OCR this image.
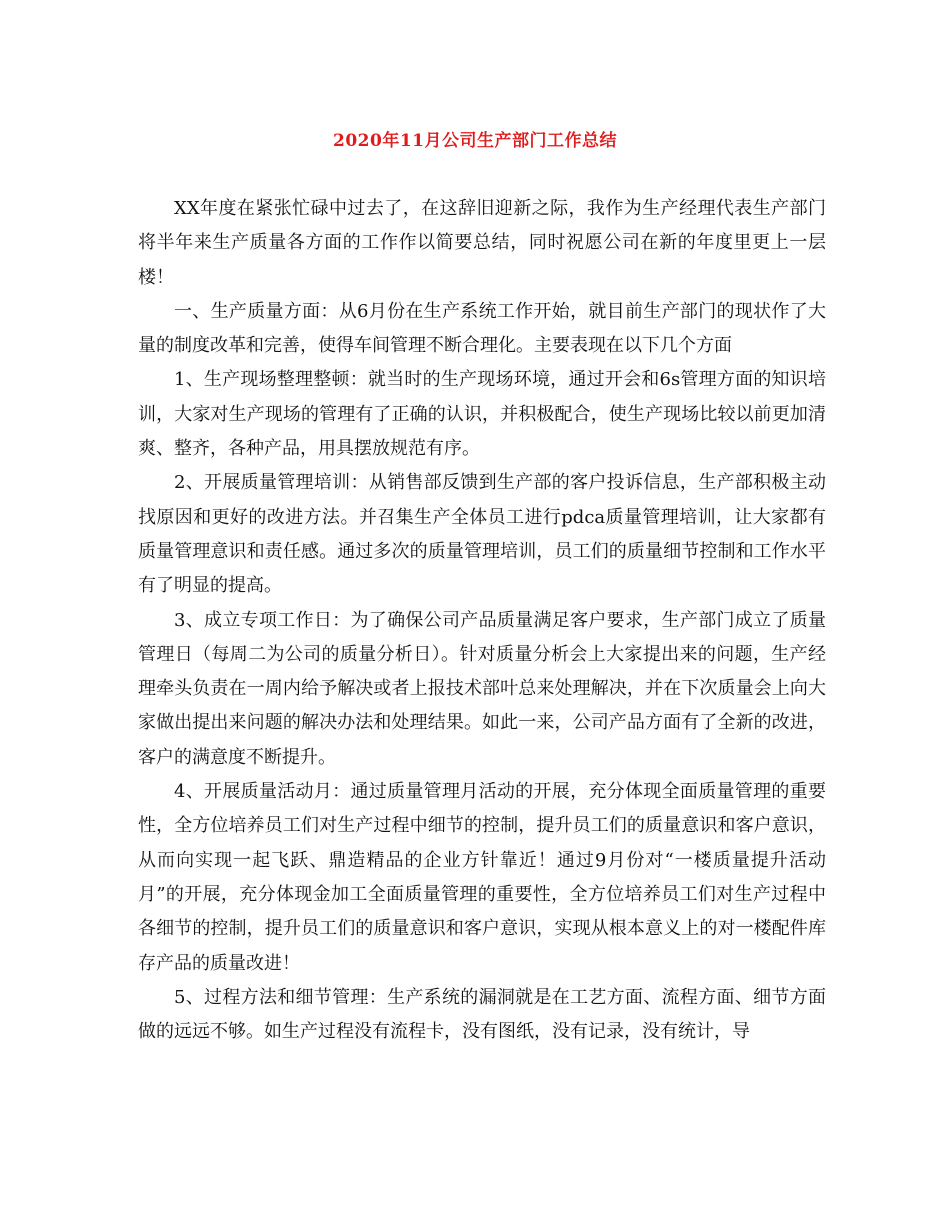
2020年11月公司生产部门工作总结

XX年度在紧张忙碌中过去了，在这辞旧迎新之际，我作为生产经理代表生产部门将半年来生产质量各方面的工作作以简要总结，同时祝愿公司在新的年度里更上一层楼！

一、生产质量方面：从6月份在生产系统工作开始，就目前生产部门的现状作了大量的制度改革和完善，使得车间管理不断合理化。主要表现在以下几个方面

1、生产现场整理整顿：就当时的生产现场环境，通过开会和6s管理方面的知识培训，大家对生产现场的管理有了正确的认识，并积极配合，使生产现场比较以前更加清爽、整齐，各种产品，用具摆放规范有序。

2、开展质量管理培训：从销售部反馈到生产部的客户投诉信息，生产部积极主动找原因和更好的改进方法。并召集生产全体员工进行pdca质量管理培训，让大家都有质量管理意识和责任感。通过多次的质量管理培训，员工们的质量细节控制和工作水平有了明显的提高。

3、成立专项工作日：为了确保公司产品质量满足客户要求，生产部门成立了质量管理日（每周二为公司的质量分析日）。针对质量分析会上大家提出来的问题，生产经理牵头负责在一周内给予解决或者上报技术部叶总来处理解决，并在下次质量会上向大家做出提出来问题的解决办法和处理结果。如此一来，公司产品方面有了全新的改进，客户的满意度不断提升。

4、开展质量活动月：通过质量管理月活动的开展，充分体现全面质量管理的重要性，全方位培养员工们对生产过程中细节的控制，提升员工们的质量意识和客户意识，从而向实现一起飞跃、鼎造精品的企业方针靠近！通过9月份对“一楼质量提升活动月”的开展，充分体现金加工全面质量管理的重要性，全方位培养员工们对生产过程中各细节的控制，提升员工们的质量意识和客户意识，实现从根本意义上的对一楼配件库存产品的质量改进！

5、过程方法和细节管理：生产系统的漏洞就是在工艺方面、流程方面、细节方面做的远远不够。如生产过程没有流程卡，没有图纸，没有记录，没有统计，导
